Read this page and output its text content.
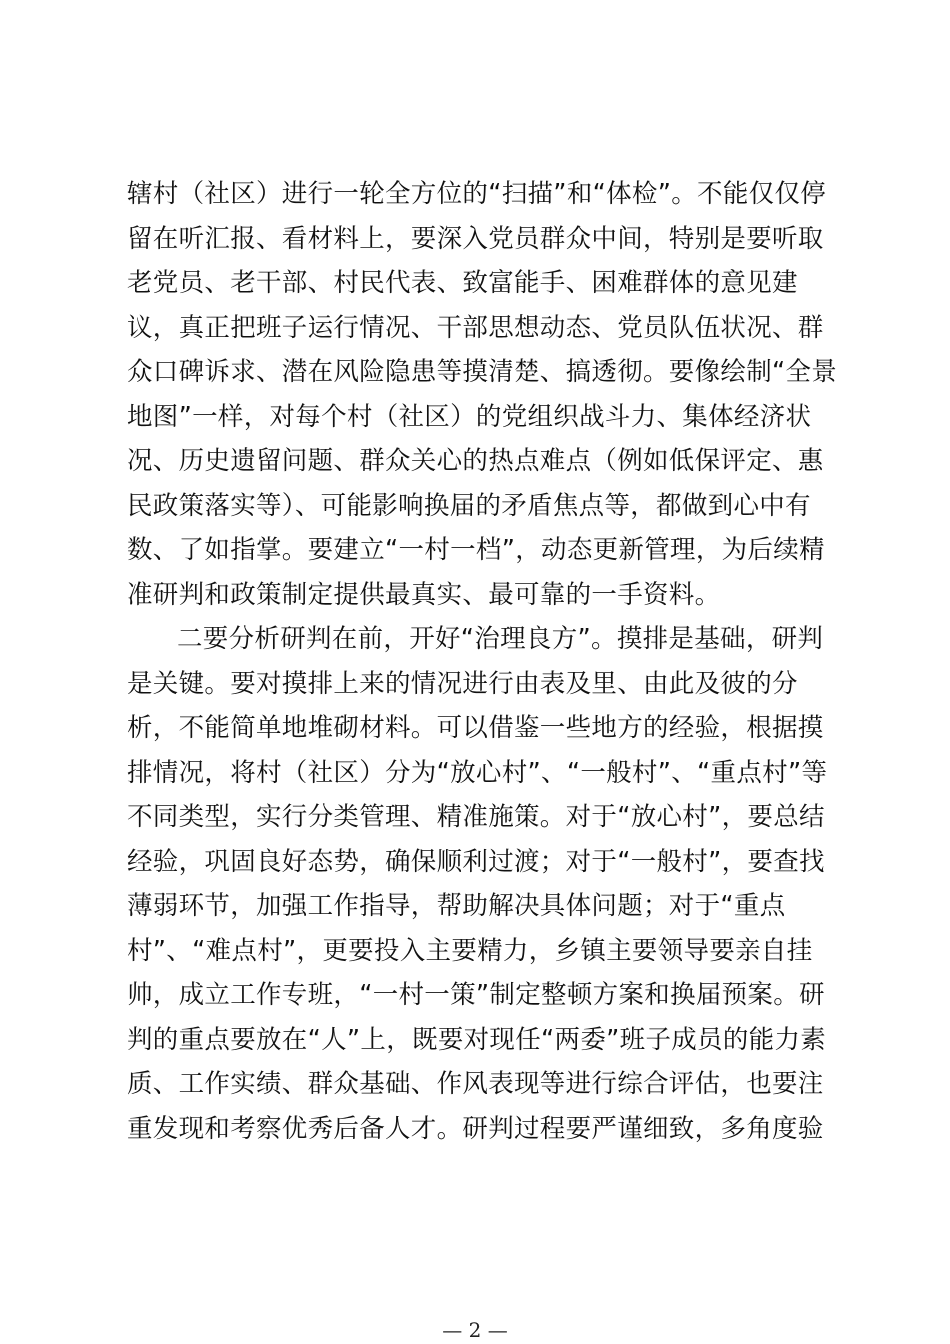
辖村（社区）进行一轮全方位的“扫描”和“体检”。不能仅仅停
留在听汇报、看材料上，要深入党员群众中间，特别是要听取
老党员、老干部、村民代表、致富能手、困难群体的意见建
议，真正把班子运行情况、干部思想动态、党员队伍状况、群
众口碑诉求、潜在风险隐患等摸清楚、搞透彻。要像绘制“全景
地图”一样，对每个村（社区）的党组织战斗力、集体经济状
况、历史遗留问题、群众关心的热点难点（例如低保评定、惠
民政策落实等）、可能影响换届的矛盾焦点等，都做到心中有
数、了如指掌。要建立“一村一档”，动态更新管理，为后续精
准研判和政策制定提供最真实、最可靠的一手资料。
二要分析研判在前，开好“治理良方”。摸排是基础，研判
是关键。要对摸排上来的情况进行由表及里、由此及彼的分
析，不能简单地堆砌材料。可以借鉴一些地方的经验，根据摸
排情况，将村（社区）分为“放心村”、“一般村”、“重点村”等
不同类型，实行分类管理、精准施策。对于“放心村”，要总结
经验，巩固良好态势，确保顺利过渡；对于“一般村”，要查找
薄弱环节，加强工作指导，帮助解决具体问题；对于“重点
村”、“难点村”，更要投入主要精力，乡镇主要领导要亲自挂
帅，成立工作专班，“一村一策”制定整顿方案和换届预案。研
判的重点要放在“人”上，既要对现任“两委”班子成员的能力素
质、工作实绩、群众基础、作风表现等进行综合评估，也要注
重发现和考察优秀后备人才。研判过程要严谨细致，多角度验
— 2 —
